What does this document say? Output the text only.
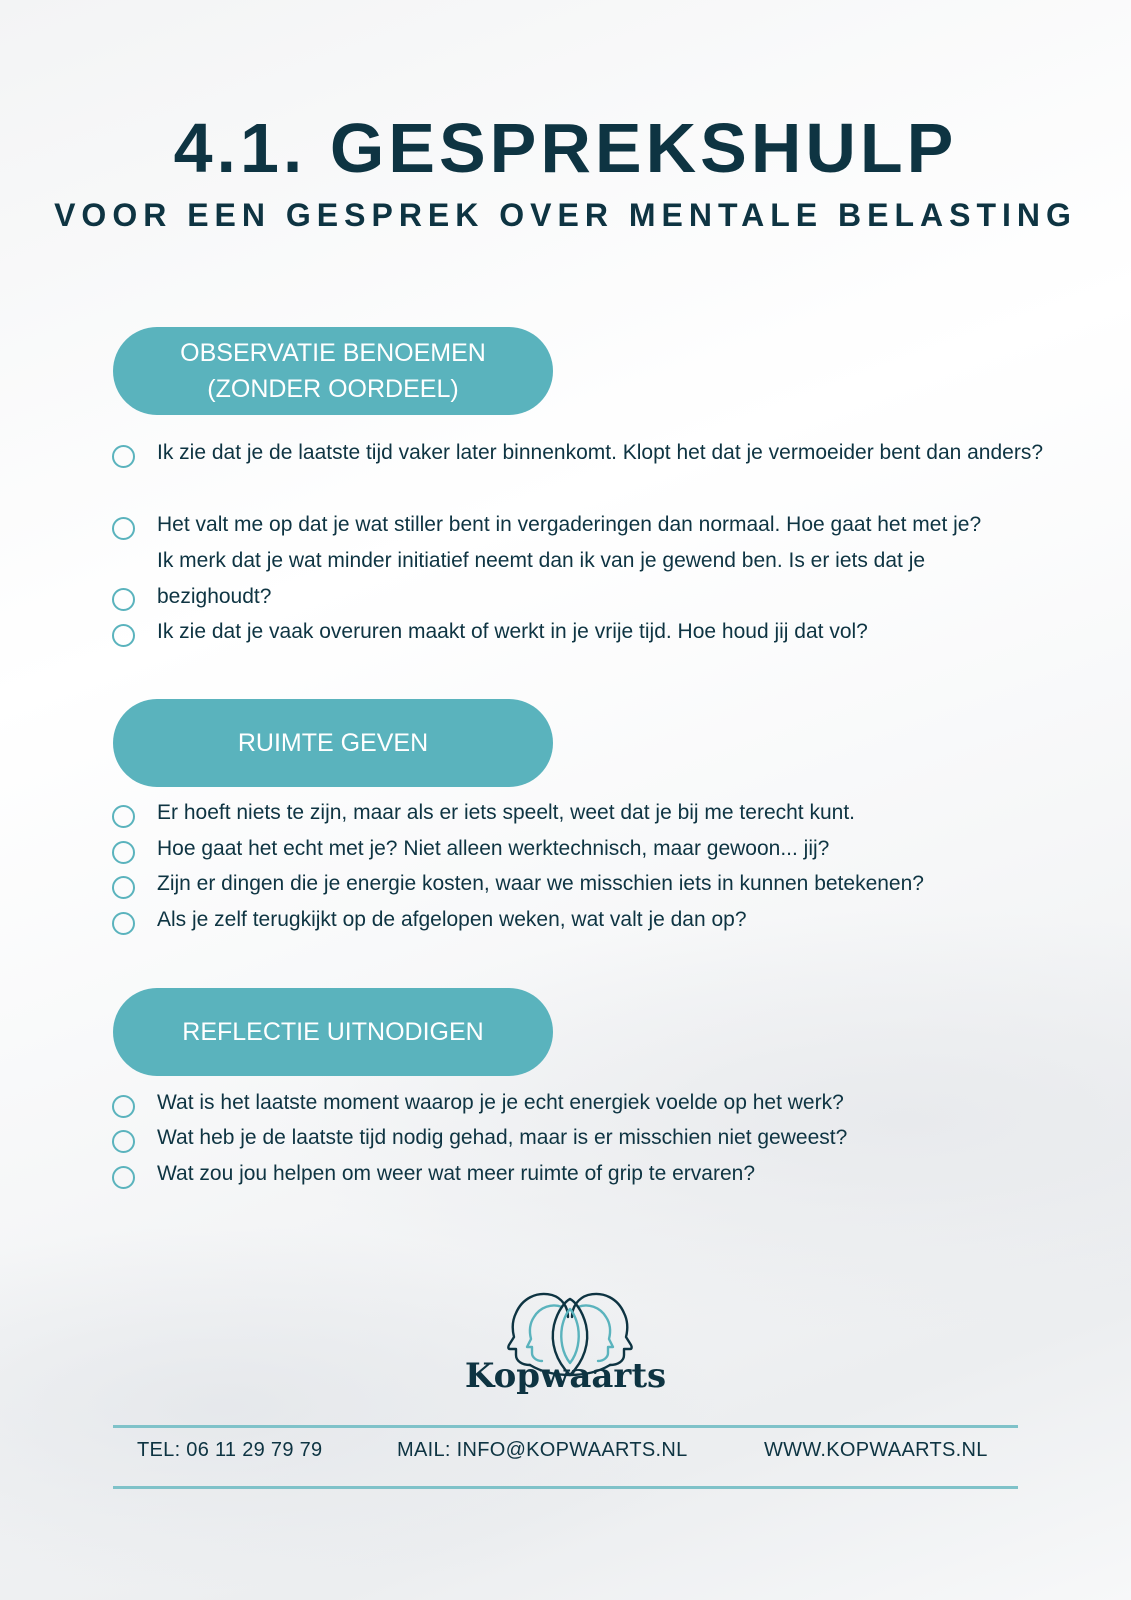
4.1. GESPREKSHULP
VOOR EEN GESPREK OVER MENTALE BELASTING
OBSERVATIE BENOEMEN
(ZONDER OORDEEL)
Ik zie dat je de laatste tijd vaker later binnenkomt. Klopt het dat je vermoeider bent dan anders?
Het valt me op dat je wat stiller bent in vergaderingen dan normaal. Hoe gaat het met je?
Ik merk dat je wat minder initiatief neemt dan ik van je gewend ben. Is er iets dat je bezighoudt?
Ik zie dat je vaak overuren maakt of werkt in je vrije tijd. Hoe houd jij dat vol?
RUIMTE GEVEN
Er hoeft niets te zijn, maar als er iets speelt, weet dat je bij me terecht kunt.
Hoe gaat het echt met je? Niet alleen werktechnisch, maar gewoon... jij?
Zijn er dingen die je energie kosten, waar we misschien iets in kunnen betekenen?
Als je zelf terugkijkt op de afgelopen weken, wat valt je dan op?
REFLECTIE UITNODIGEN
Wat is het laatste moment waarop je je echt energiek voelde op het werk?
Wat heb je de laatste tijd nodig gehad, maar is er misschien niet geweest?
Wat zou jou helpen om weer wat meer ruimte of grip te ervaren?
Kopwaarts
TEL: 06 11 29 79 79	MAIL: INFO@KOPWAARTS.NL	WWW.KOPWAARTS.NL
